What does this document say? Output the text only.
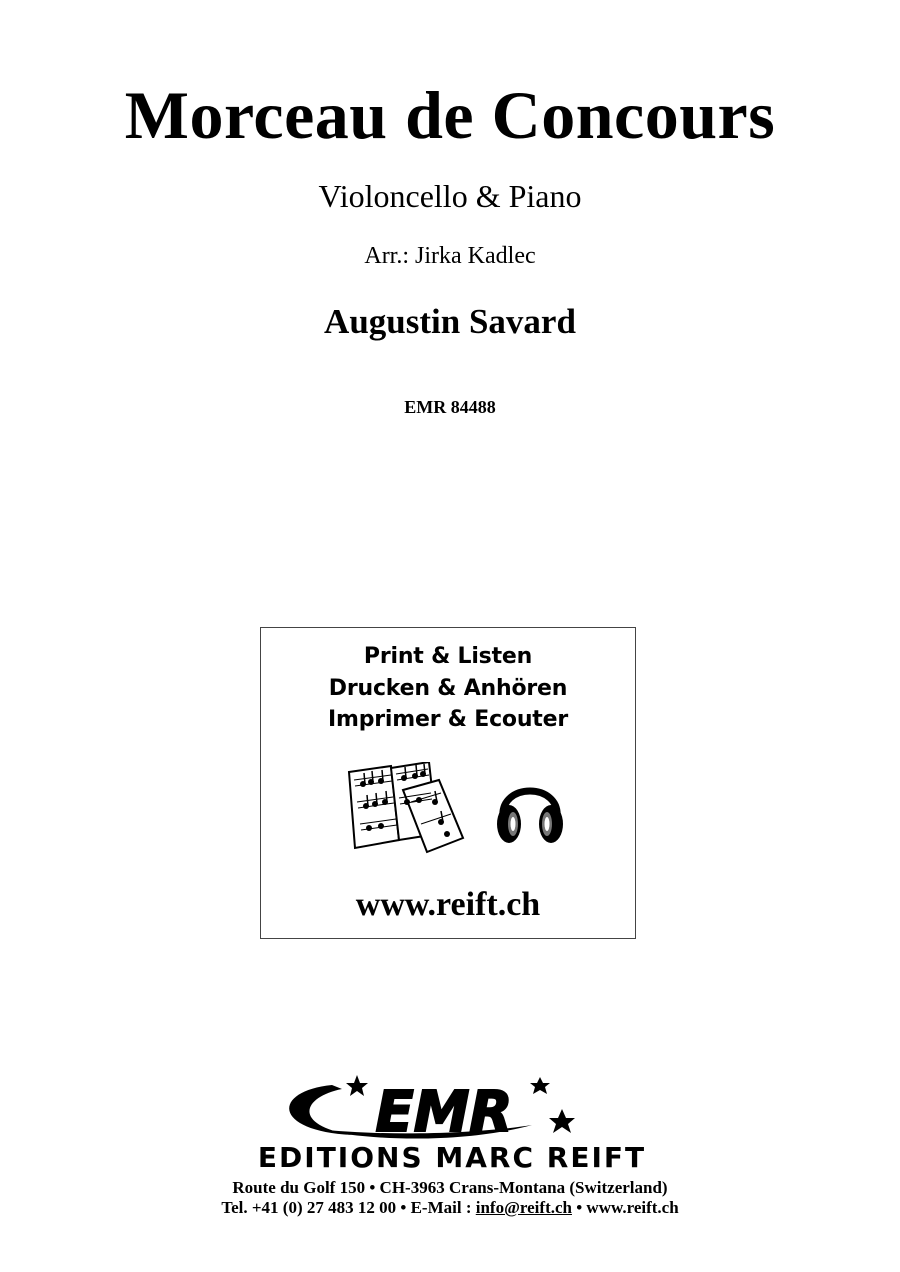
Morceau de Concours
Violoncello & Piano
Arr.: Jirka Kadlec
Augustin Savard
EMR 84488
Print & Listen
Drucken & Anhören
Imprimer & Ecouter
www.reift.ch
EMR
EDITIONS MARC REIFT
Route du Golf 150 • CH-3963 Crans-Montana (Switzerland)
Tel. +41 (0) 27 483 12 00 • E-Mail : info@reift.ch • www.reift.ch
